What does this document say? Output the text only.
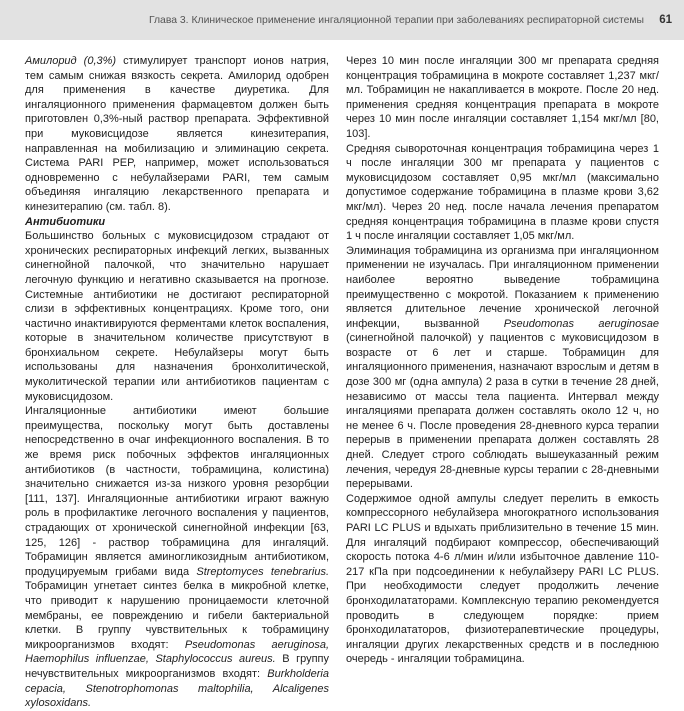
Глава 3. Клиническое применение ингаляционной терапии при заболеваниях респираторной системы 61

Амилорид (0,3%) стимулирует транспорт ионов натрия, тем самым снижая вязкость секрета. Амилорид одобрен для применения в качестве диуретика. Для ингаляционного применения фармацевтом должен быть приготовлен 0,3%-ный раствор препарата. Эффективной при муковисцидозе является кинезитерапия, направленная на мобилизацию и элиминацию секрета. Система PARI PEP, например, может использоваться одновременно с небулайзерами PARI, тем самым объединяя ингаляцию лекарственного препарата и кинезитерапию (см. табл. 8).

Антибиотики

Большинство больных с муковисцидозом страдают от хронических респираторных инфекций легких, вызванных синегнойной палочкой, что значительно нарушает легочную функцию и негативно сказывается на прогнозе. Системные антибиотики не достигают респираторной слизи в эффективных концентрациях. Кроме того, они частично инактивируются ферментами клеток воспаления, которые в значительном количестве присутствуют в бронхиальном секрете. Небулайзеры могут быть использованы для назначения бронхолитической, муколитической терапии или антибиотиков пациентам с муковисцидозом.

Ингаляционные антибиотики имеют большие преимущества, поскольку могут быть доставлены непосредственно в очаг инфекционного воспаления. В то же время риск побочных эффектов ингаляционных антибиотиков (в частности, тобрамицина, колистина) значительно снижается из-за низкого уровня резорбции [111, 137]. Ингаляционные антибиотики играют важную роль в профилактике легочного воспаления у пациентов, страдающих от хронической синегнойной инфекции [63, 125, 126] - раствор тобрамицина для ингаляций. Тобрамицин является аминогликозидным антибиотиком, продуцируемым грибами вида Streptomyces tenebrarius. Тобрамицин угнетает синтез белка в микробной клетке, что приводит к нарушению проницаемости клеточной мембраны, ее повреждению и гибели бактериальной клетки. В группу чувствительных к тобрамицину микроорганизмов входят: Pseudomonas aeruginosa, Haemophilus influenzae, Staphylococcus aureus. В группу нечувствительных микроорганизмов входят: Burkholderia cepacia, Stenotrophomonas maltophilia, Alcaligenes xylosoxidans.

Через 10 мин после ингаляции 300 мг препарата средняя концентрация тобрамицина в мокроте составляет 1,237 мкг/мл. Тобрамицин не накапливается в мокроте. После 20 нед. применения средняя концентрация препарата в мокроте через 10 мин после ингаляции составляет 1,154 мкг/мл [80, 103].

Средняя сывороточная концентрация тобрамицина через 1 ч после ингаляции 300 мг препарата у пациентов с муковисцидозом составляет 0,95 мкг/мл (максимально допустимое содержание тобрамицина в плазме крови 3,62 мкг/мл). Через 20 нед. после начала лечения препаратом средняя концентрация тобрамицина в плазме крови спустя 1 ч после ингаляции составляет 1,05 мкг/мл.

Элиминация тобрамицина из организма при ингаляционном применении не изучалась. При ингаляционном применении наиболее вероятно выведение тобрамицина преимущественно с мокротой. Показанием к применению является длительное лечение хронической легочной инфекции, вызванной Pseudomonas aeruginosae (синегнойной палочкой) у пациентов с муковисцидозом в возрасте от 6 лет и старше. Тобрамицин для ингаляционного применения, назначают взрослым и детям в дозе 300 мг (одна ампула) 2 раза в сутки в течение 28 дней, независимо от массы тела пациента. Интервал между ингаляциями препарата должен составлять около 12 ч, но не менее 6 ч. После проведения 28-дневного курса терапии перерыв в применении препарата должен составлять 28 дней. Следует строго соблюдать вышеуказанный режим лечения, чередуя 28-дневные курсы терапии с 28-дневными перерывами.

Содержимое одной ампулы следует перелить в емкость компрессорного небулайзера многократного использования PARI LC PLUS и вдыхать приблизительно в течение 15 мин. Для ингаляций подбирают компрессор, обеспечивающий скорость потока 4-6 л/мин и/или избыточное давление 110-217 кПа при подсоединении к небулайзеру PARI LC PLUS. При необходимости следует продолжить лечение бронходилататорами. Комплексную терапию рекомендуется проводить в следующем порядке: прием бронходилататоров, физиотерапевтические процедуры, ингаляции других лекарственных средств и в последнюю очередь - ингаляции тобрамицина.
